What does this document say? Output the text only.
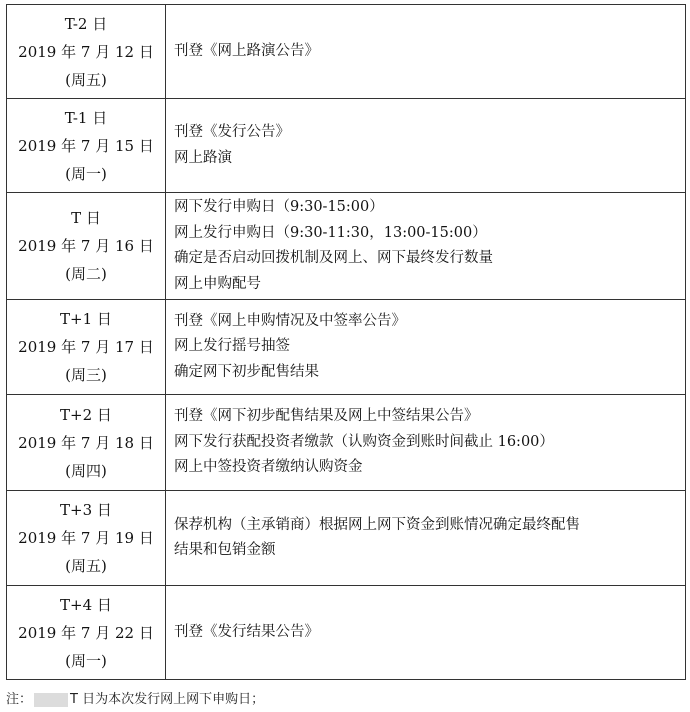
T-2 日
2019 年 7 月 12 日
(周五)	刊登《网上路演公告》

T-1 日
2019 年 7 月 15 日
(周一)	刊登《发行公告》
网上路演

T 日
2019 年 7 月 16 日
(周二)	网下发行申购日（9:30-15:00）
网上发行申购日（9:30-11:30，13:00-15:00）
确定是否启动回拨机制及网上、网下最终发行数量
网上申购配号

T+1 日
2019 年 7 月 17 日
(周三)	刊登《网上申购情况及中签率公告》
网上发行摇号抽签
确定网下初步配售结果

T+2 日
2019 年 7 月 18 日
(周四)	刊登《网下初步配售结果及网上中签结果公告》
网下发行获配投资者缴款（认购资金到账时间截止 16:00）
网上中签投资者缴纳认购资金

T+3 日
2019 年 7 月 19 日
(周五)	保荐机构（主承销商）根据网上网下资金到账情况确定最终配售
结果和包销金额

T+4 日
2019 年 7 月 22 日
(周一)	刊登《发行结果公告》
注：	T 日为本次发行网上网下申购日；
